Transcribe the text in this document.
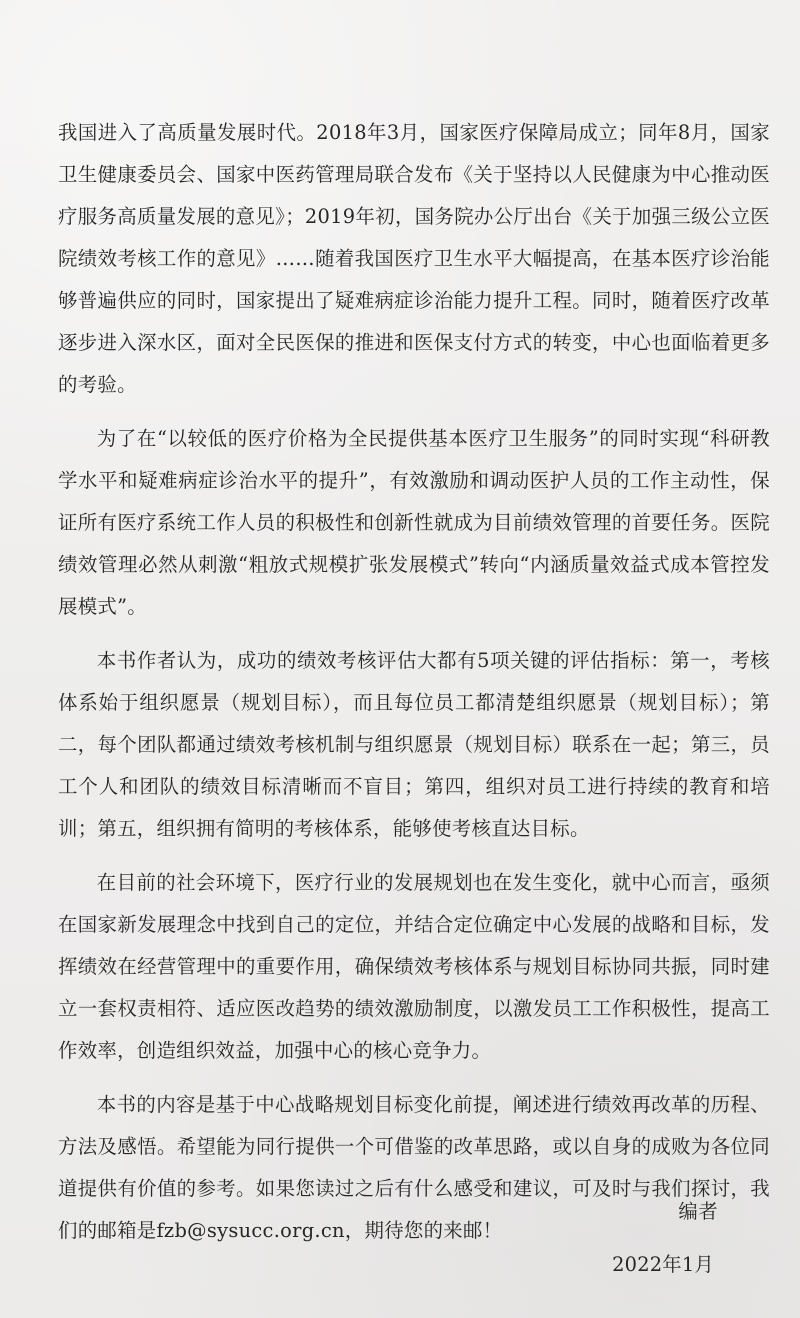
我国进入了高质量发展时代。2018年3月，国家医疗保障局成立；同年8月，国家卫生健康委员会、国家中医药管理局联合发布《关于坚持以人民健康为中心推动医疗服务高质量发展的意见》；2019年初，国务院办公厅出台《关于加强三级公立医院绩效考核工作的意见》……随着我国医疗卫生水平大幅提高，在基本医疗诊治能够普遍供应的同时，国家提出了疑难病症诊治能力提升工程。同时，随着医疗改革逐步进入深水区，面对全民医保的推进和医保支付方式的转变，中心也面临着更多的考验。

为了在“以较低的医疗价格为全民提供基本医疗卫生服务”的同时实现“科研教学水平和疑难病症诊治水平的提升”，有效激励和调动医护人员的工作主动性，保证所有医疗系统工作人员的积极性和创新性就成为目前绩效管理的首要任务。医院绩效管理必然从刺激“粗放式规模扩张发展模式”转向“内涵质量效益式成本管控发展模式”。

本书作者认为，成功的绩效考核评估大都有5项关键的评估指标：第一，考核体系始于组织愿景（规划目标），而且每位员工都清楚组织愿景（规划目标）；第二，每个团队都通过绩效考核机制与组织愿景（规划目标）联系在一起；第三，员工个人和团队的绩效目标清晰而不盲目；第四，组织对员工进行持续的教育和培训；第五，组织拥有简明的考核体系，能够使考核直达目标。

在目前的社会环境下，医疗行业的发展规划也在发生变化，就中心而言，亟须在国家新发展理念中找到自己的定位，并结合定位确定中心发展的战略和目标，发挥绩效在经营管理中的重要作用，确保绩效考核体系与规划目标协同共振，同时建立一套权责相符、适应医改趋势的绩效激励制度，以激发员工工作积极性，提高工作效率，创造组织效益，加强中心的核心竞争力。

本书的内容是基于中心战略规划目标变化前提，阐述进行绩效再改革的历程、方法及感悟。希望能为同行提供一个可借鉴的改革思路，或以自身的成败为各位同道提供有价值的参考。如果您读过之后有什么感受和建议，可及时与我们探讨，我们的邮箱是fzb@sysucc.org.cn，期待您的来邮！

编者
2022年1月
